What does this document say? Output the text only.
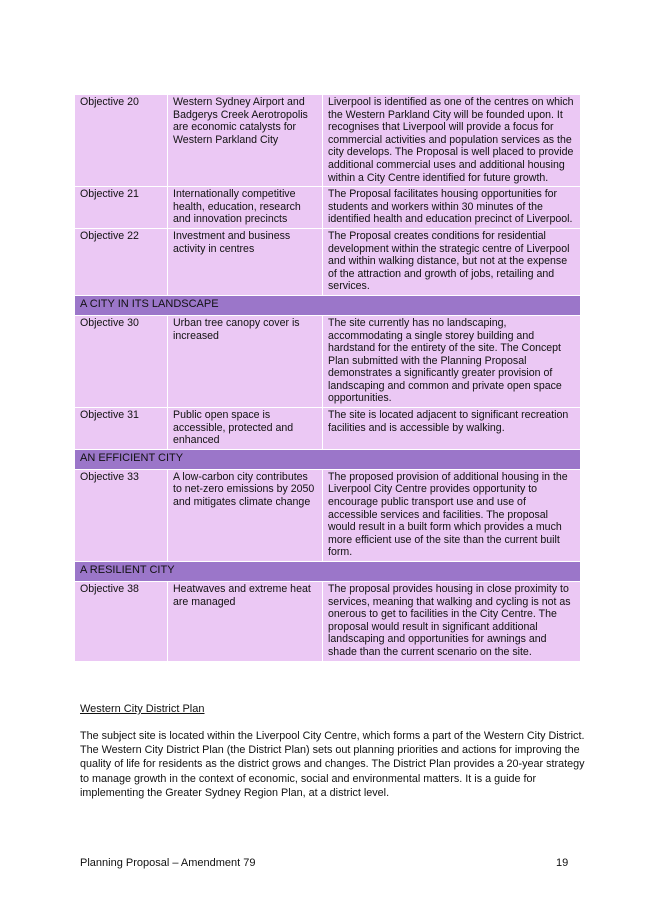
Objective 20	Western Sydney Airport and Badgerys Creek Aerotropolis are economic catalysts for Western Parkland City	Liverpool is identified as one of the centres on which the Western Parkland City will be founded upon. It recognises that Liverpool will provide a focus for commercial activities and population services as the city develops. The Proposal is well placed to provide additional commercial uses and additional housing within a City Centre identified for future growth.
Objective 21	Internationally competitive health, education, research and innovation precincts	The Proposal facilitates housing opportunities for students and workers within 30 minutes of the identified health and education precinct of Liverpool.
Objective 22	Investment and business activity in centres	The Proposal creates conditions for residential development within the strategic centre of Liverpool and within walking distance, but not at the expense of the attraction and growth of jobs, retailing and services.
A CITY IN ITS LANDSCAPE		
Objective 30	Urban tree canopy cover is increased	The site currently has no landscaping, accommodating a single storey building and hardstand for the entirety of the site. The Concept Plan submitted with the Planning Proposal demonstrates a significantly greater provision of landscaping and common and private open space opportunities.
Objective 31	Public open space is accessible, protected and enhanced	The site is located adjacent to significant recreation facilities and is accessible by walking.
AN EFFICIENT CITY		
Objective 33	A low-carbon city contributes to net-zero emissions by 2050 and mitigates climate change	The proposed provision of additional housing in the Liverpool City Centre provides opportunity to encourage public transport use and use of accessible services and facilities. The proposal would result in a built form which provides a much more efficient use of the site than the current built form.
A RESILIENT CITY		
Objective 38	Heatwaves and extreme heat are managed	The proposal provides housing in close proximity to services, meaning that walking and cycling is not as onerous to get to facilities in the City Centre. The proposal would result in significant additional landscaping and opportunities for awnings and shade than the current scenario on the site.
Western City District Plan

The subject site is located within the Liverpool City Centre, which forms a part of the Western City District. The Western City District Plan (the District Plan) sets out planning priorities and actions for improving the quality of life for residents as the district grows and changes. The District Plan provides a 20-year strategy to manage growth in the context of economic, social and environmental matters. It is a guide for implementing the Greater Sydney Region Plan, at a district level.

Planning Proposal – Amendment 79	19
